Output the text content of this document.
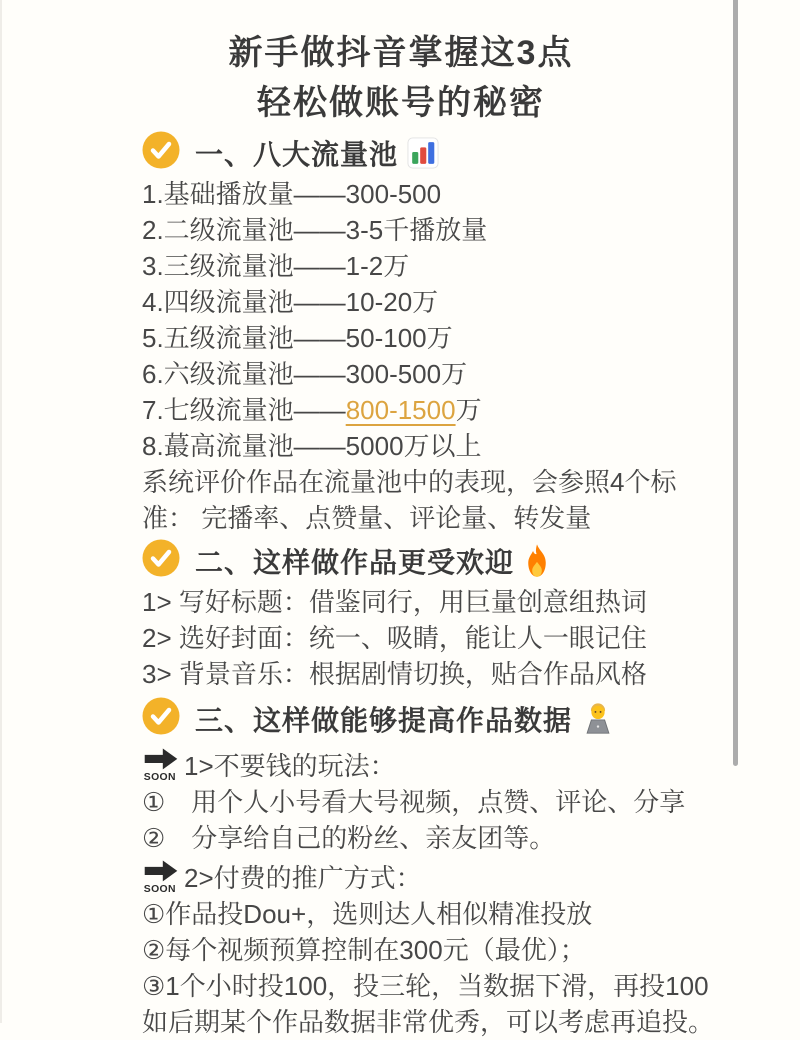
新手做抖音掌握这3点
轻松做账号的秘密
一、八大流量池
1.基础播放量——300-500
2.二级流量池——3-5千播放量
3.三级流量池——1-2万
4.四级流量池——10-20万
5.五级流量池——50-100万
6.六级流量池——300-500万
7.七级流量池——800-1500万
8.蕞高流量池——5000万以上
系统评价作品在流量池中的表现，会参照4个标
准： 完播率、点赞量、评论量、转发量
二、这样做作品更受欢迎
1> 写好标题：借鉴同行，用巨量创意组热词
2> 选好封面：统一、吸睛，能让人一眼记住
3> 背景音乐：根据剧情切换，贴合作品风格
三、这样做能够提高作品数据
SOON 1>不要钱的玩法：
①　用个人小号看大号视频，点赞、评论、分享
②　分享给自己的粉丝、亲友团等。
SOON 2>付费的推广方式：
①作品投Dou+，选则达人相似精准投放
②每个视频预算控制在300元（最优）；
③1个小时投100，投三轮，当数据下滑，再投100
如后期某个作品数据非常优秀，可以考虑再追投。
